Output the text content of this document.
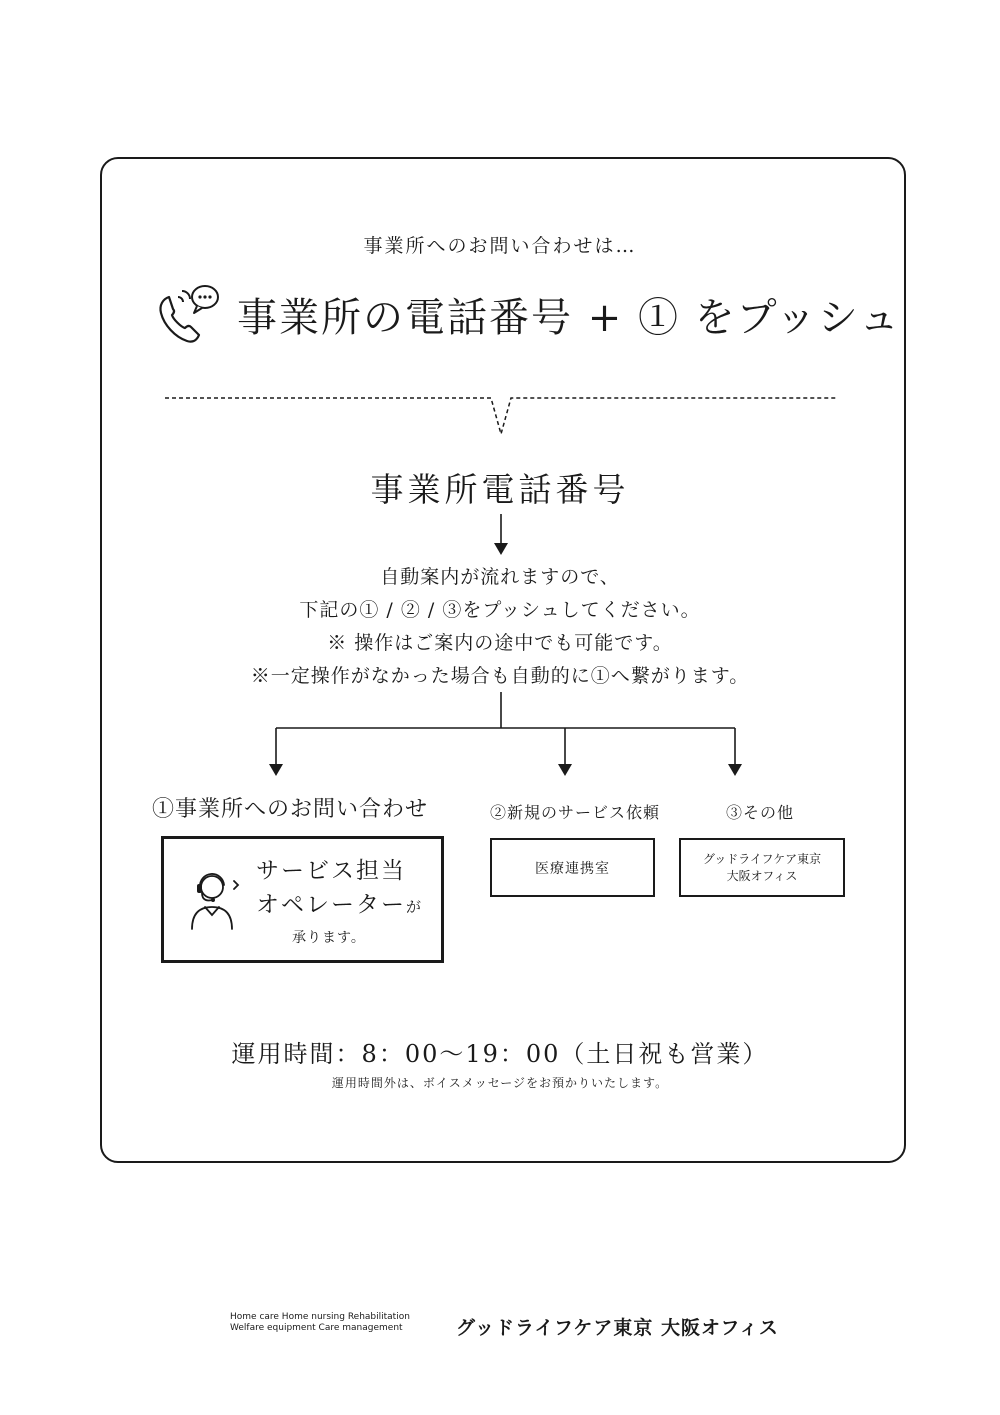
事業所へのお問い合わせは…
事業所の電話番号 + ① をプッシュ
事業所電話番号
自動案内が流れますので、
下記の① / ② / ③をプッシュしてください。
※ 操作はご案内の途中でも可能です。
※一定操作がなかった場合も自動的に①へ繋がります。
①事業所へのお問い合わせ	②新規のサービス依頼	③その他
サービス担当
オペレーターが
承ります。
医療連携室
グッドライフケア東京
大阪オフィス
運用時間：8：00〜19：00（土日祝も営業）
運用時間外は、ボイスメッセージをお預かりいたします。
Home care Home nursing Rehabilitation
Welfare equipment Care management	グッドライフケア東京 大阪オフィス
